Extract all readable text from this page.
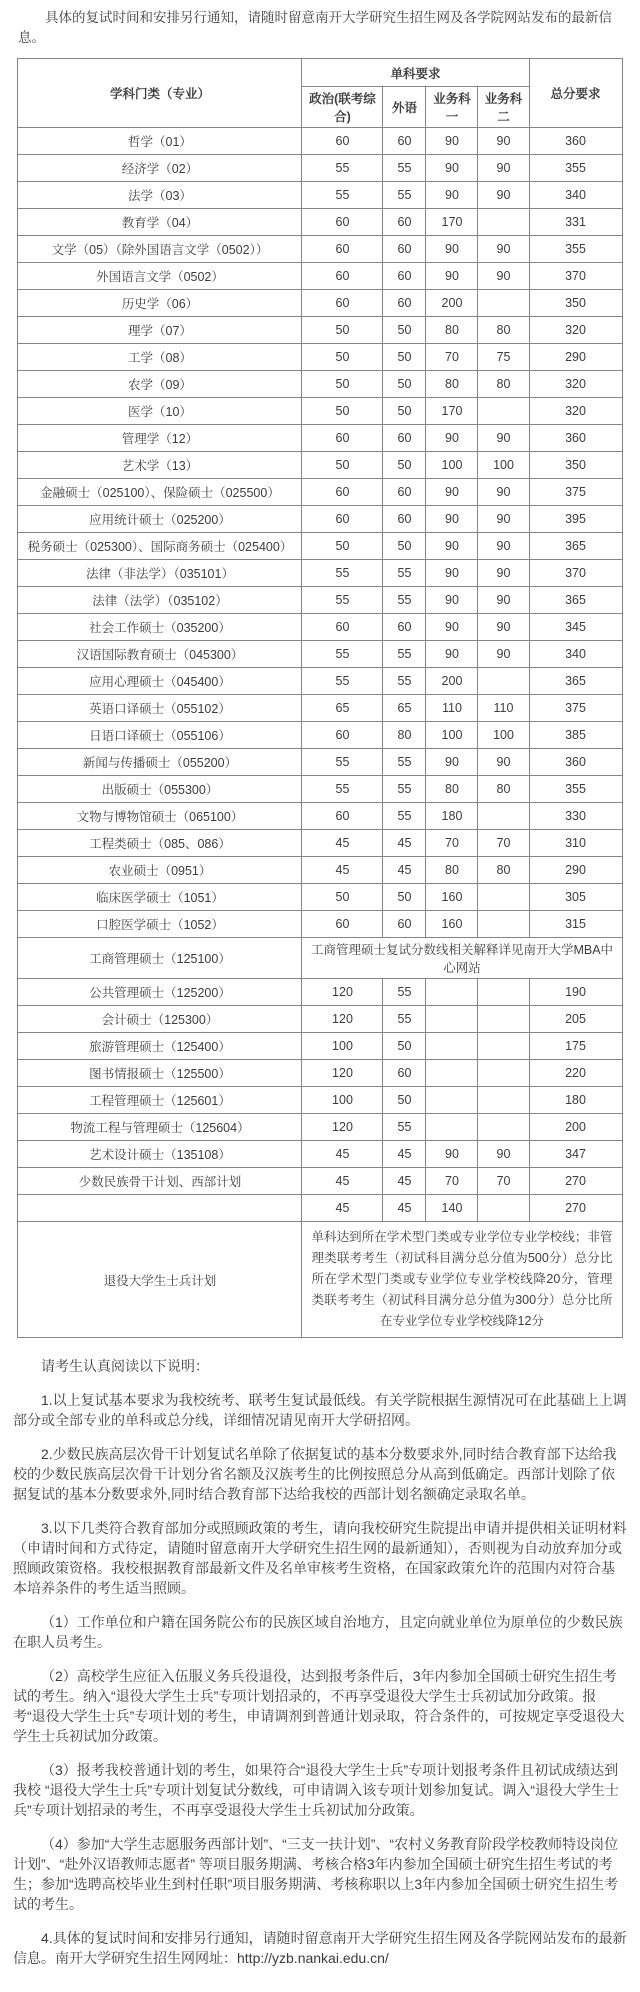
具体的复试时间和安排另行通知，请随时留意南开大学研究生招生网及各学院网站发布的最新信息。

学科门类（专业）	单科要求				总分要求
	政治(联考综合)	外语	业务科一	业务科二	
哲学（01）	60	60	90	90	360
经济学（02）	55	55	90	90	355
法学（03）	55	55	90	90	340
教育学（04）	60	60	170		331
文学（05）（除外国语言文学（0502））	60	60	90	90	355
外国语言文学（0502）	60	60	90	90	370
历史学（06）	60	60	200		350
理学（07）	50	50	80	80	320
工学（08）	50	50	70	75	290
农学（09）	50	50	80	80	320
医学（10）	50	50	170		320
管理学（12）	60	60	90	90	360
艺术学（13）	50	50	100	100	350
金融硕士（025100）、保险硕士（025500）	60	60	90	90	375
应用统计硕士（025200）	60	60	90	90	395
税务硕士（025300）、国际商务硕士（025400）	50	50	90	90	365
法律（非法学）（035101）	55	55	90	90	370
法律（法学）（035102）	55	55	90	90	365
社会工作硕士（035200）	60	60	90	90	345
汉语国际教育硕士（045300）	55	55	90	90	340
应用心理硕士（045400）	55	55	200		365
英语口译硕士（055102）	65	65	110	110	375
日语口译硕士（055106）	60	80	100	100	385
新闻与传播硕士（055200）	55	55	90	90	360
出版硕士（055300）	55	55	80	80	355
文物与博物馆硕士（065100）	60	55	180		330
工程类硕士（085、086）	45	45	70	70	310
农业硕士（0951）	45	45	80	80	290
临床医学硕士（1051）	50	50	160		305
口腔医学硕士（1052）	60	60	160		315
工商管理硕士（125100）	工商管理硕士复试分数线相关解释详见南开大学MBA中心网站				
公共管理硕士（125200）	120	55			190
会计硕士（125300）	120	55			205
旅游管理硕士（125400）	100	50			175
图书情报硕士（125500）	120	60			220
工程管理硕士（125601）	100	50			180
物流工程与管理硕士（125604）	120	55			200
艺术设计硕士（135108）	45	45	90	90	347
少数民族骨干计划、西部计划	45	45	70	70	270
	45	45	140		270
退役大学生士兵计划	单科达到所在学术型门类或专业学位专业学校线；非管理类联考考生（初试科目满分总分值为500分）总分比所在学术型门类或专业学位专业学校线降20分，管理类联考考生（初试科目满分总分值为300分）总分比所在专业学位专业学校线降12分				

请考生认真阅读以下说明：

1.以上复试基本要求为我校统考、联考生复试最低线。有关学院根据生源情况可在此基础上上调部分或全部专业的单科或总分线，详细情况请见南开大学研招网。

2.少数民族高层次骨干计划复试名单除了依据复试的基本分数要求外,同时结合教育部下达给我校的少数民族高层次骨干计划分省名额及汉族考生的比例按照总分从高到低确定。西部计划除了依据复试的基本分数要求外,同时结合教育部下达给我校的西部计划名额确定录取名单。

3.以下几类符合教育部加分或照顾政策的考生，请向我校研究生院提出申请并提供相关证明材料（申请时间和方式待定，请随时留意南开大学研究生招生网的最新通知），否则视为自动放弃加分或照顾政策资格。我校根据教育部最新文件及名单审核考生资格，在国家政策允许的范围内对符合基本培养条件的考生适当照顾。

（1）工作单位和户籍在国务院公布的民族区域自治地方，且定向就业单位为原单位的少数民族在职人员考生。

（2）高校学生应征入伍服义务兵役退役，达到报考条件后，3年内参加全国硕士研究生招生考试的考生。纳入“退役大学生士兵”专项计划招录的，不再享受退役大学生士兵初试加分政策。报考“退役大学生士兵”专项计划的考生，申请调剂到普通计划录取，符合条件的，可按规定享受退役大学生士兵初试加分政策。

（3）报考我校普通计划的考生，如果符合“退役大学生士兵”专项计划报考条件且初试成绩达到我校 “退役大学生士兵”专项计划复试分数线，可申请调入该专项计划参加复试。调入“退役大学生士兵”专项计划招录的考生，不再享受退役大学生士兵初试加分政策。

（4）参加“大学生志愿服务西部计划”、“三支一扶计划”、“农村义务教育阶段学校教师特设岗位计划”、“赴外汉语教师志愿者” 等项目服务期满、考核合格3年内参加全国硕士研究生招生考试的考生；参加“选聘高校毕业生到村任职”项目服务期满、考核称职以上3年内参加全国硕士研究生招生考试的考生。

4.具体的复试时间和安排另行通知，请随时留意南开大学研究生招生网及各学院网站发布的最新信息。南开大学研究生招生网网址：http://yzb.nankai.edu.cn/
